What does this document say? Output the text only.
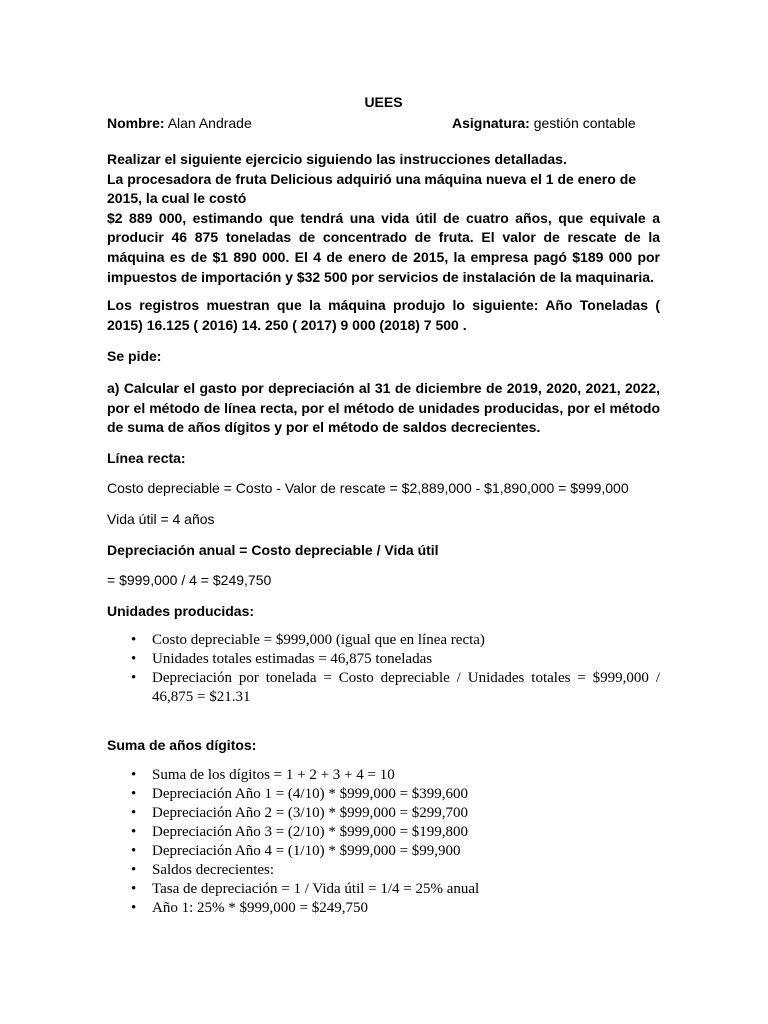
UEES
Nombre: Alan Andrade	Asignatura: gestión contable

Realizar el siguiente ejercicio siguiendo las instrucciones detalladas.

La procesadora de fruta Delicious adquirió una máquina nueva el 1 de enero de 2015, la cual le costó

$2 889 000, estimando que tendrá una vida útil de cuatro años, que equivale a producir 46 875 toneladas de concentrado de fruta. El valor de rescate de la máquina es de $1 890 000. El 4 de enero de 2015, la empresa pagó $189 000 por impuestos de importación y $32 500 por servicios de instalación de la maquinaria.

Los registros muestran que la máquina produjo lo siguiente: Año Toneladas ( 2015) 16.125 ( 2016) 14. 250 ( 2017) 9 000 (2018) 7 500 .

Se pide:

a) Calcular el gasto por depreciación al 31 de diciembre de 2019, 2020, 2021, 2022, por el método de línea recta, por el método de unidades producidas, por el método de suma de años dígitos y por el método de saldos decrecientes.

Línea recta:

Costo depreciable = Costo - Valor de rescate = $2,889,000 - $1,890,000 = $999,000

Vida útil = 4 años

Depreciación anual = Costo depreciable / Vida útil

= $999,000 / 4 = $249,750

Unidades producidas:

• Costo depreciable = $999,000 (igual que en línea recta)
• Unidades totales estimadas = 46,875 toneladas
• Depreciación por tonelada = Costo depreciable / Unidades totales = $999,000 / 46,875 = $21.31

Suma de años dígitos:

• Suma de los dígitos = 1 + 2 + 3 + 4 = 10
• Depreciación Año 1 = (4/10) * $999,000 = $399,600
• Depreciación Año 2 = (3/10) * $999,000 = $299,700
• Depreciación Año 3 = (2/10) * $999,000 = $199,800
• Depreciación Año 4 = (1/10) * $999,000 = $99,900
• Saldos decrecientes:
• Tasa de depreciación = 1 / Vida útil = 1/4 = 25% anual
• Año 1: 25% * $999,000 = $249,750
